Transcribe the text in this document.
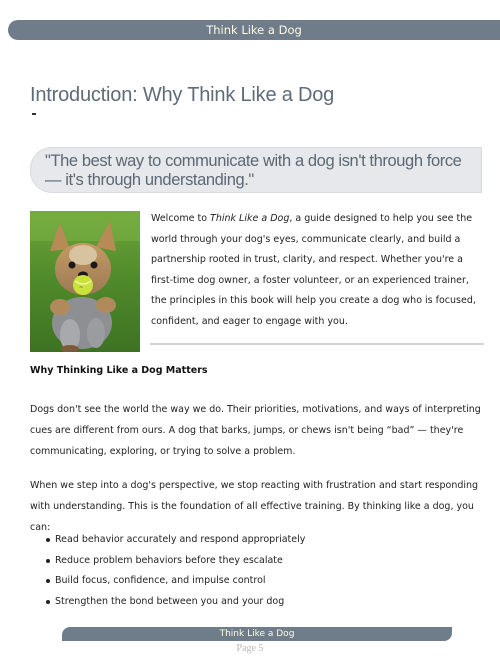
Think Like a Dog
Introduction: Why Think Like a Dog

"The best way to communicate with a dog isn't through force — it's through understanding."

~

Welcome to Think Like a Dog, a guide designed to help you see the world through your dog's eyes, communicate clearly, and build a partnership rooted in trust, clarity, and respect. Whether you're a first-time dog owner, a foster volunteer, or an experienced trainer, the principles in this book will help you create a dog who is focused, confident, and eager to engage with you.

Why Thinking Like a Dog Matters

Dogs don't see the world the way we do. Their priorities, motivations, and ways of interpreting cues are different from ours. A dog that barks, jumps, or chews isn't being “bad” — they're communicating, exploring, or trying to solve a problem.

When we step into a dog's perspective, we stop reacting with frustration and start responding with understanding. This is the foundation of all effective training. By thinking like a dog, you can:

Read behavior accurately and respond appropriately
Reduce problem behaviors before they escalate
Build focus, confidence, and impulse control
Strengthen the bond between you and your dog
Think Like a Dog
Page 5
